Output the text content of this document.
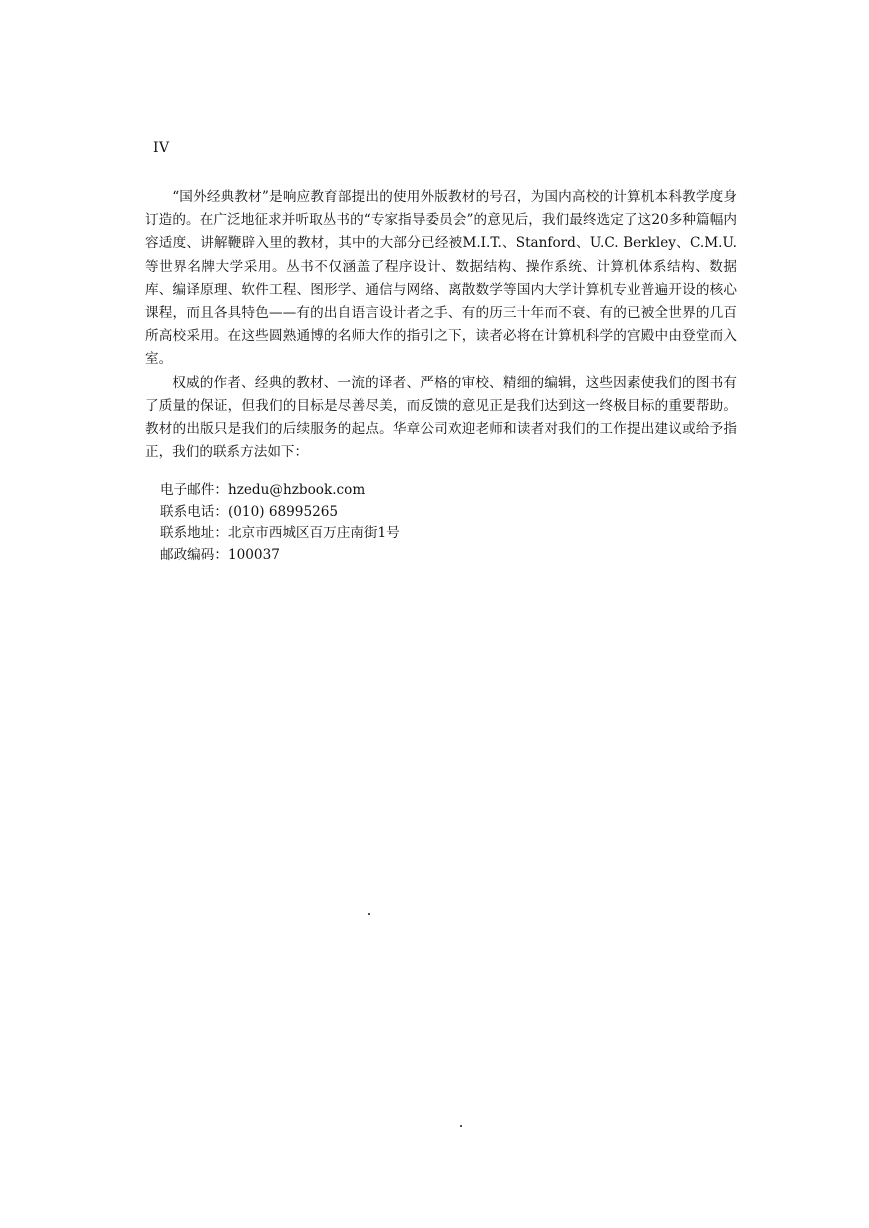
IV

“国外经典教材”是响应教育部提出的使用外版教材的号召，为国内高校的计算机本科教学度身订造的。在广泛地征求并听取丛书的“专家指导委员会”的意见后，我们最终选定了这20多种篇幅内容适度、讲解鞭辟入里的教材，其中的大部分已经被M.I.T.、Stanford、U.C. Berkley、C.M.U.等世界名牌大学采用。丛书不仅涵盖了程序设计、数据结构、操作系统、计算机体系结构、数据库、编译原理、软件工程、图形学、通信与网络、离散数学等国内大学计算机专业普遍开设的核心课程，而且各具特色——有的出自语言设计者之手、有的历三十年而不衰、有的已被全世界的几百所高校采用。在这些圆熟通博的名师大作的指引之下，读者必将在计算机科学的宫殿中由登堂而入室。

权威的作者、经典的教材、一流的译者、严格的审校、精细的编辑，这些因素使我们的图书有了质量的保证，但我们的目标是尽善尽美，而反馈的意见正是我们达到这一终极目标的重要帮助。教材的出版只是我们的后续服务的起点。华章公司欢迎老师和读者对我们的工作提出建议或给予指正，我们的联系方法如下：

电子邮件：hzedu@hzbook.com
联系电话：(010) 68995265
联系地址：北京市西城区百万庄南街1号
邮政编码：100037
